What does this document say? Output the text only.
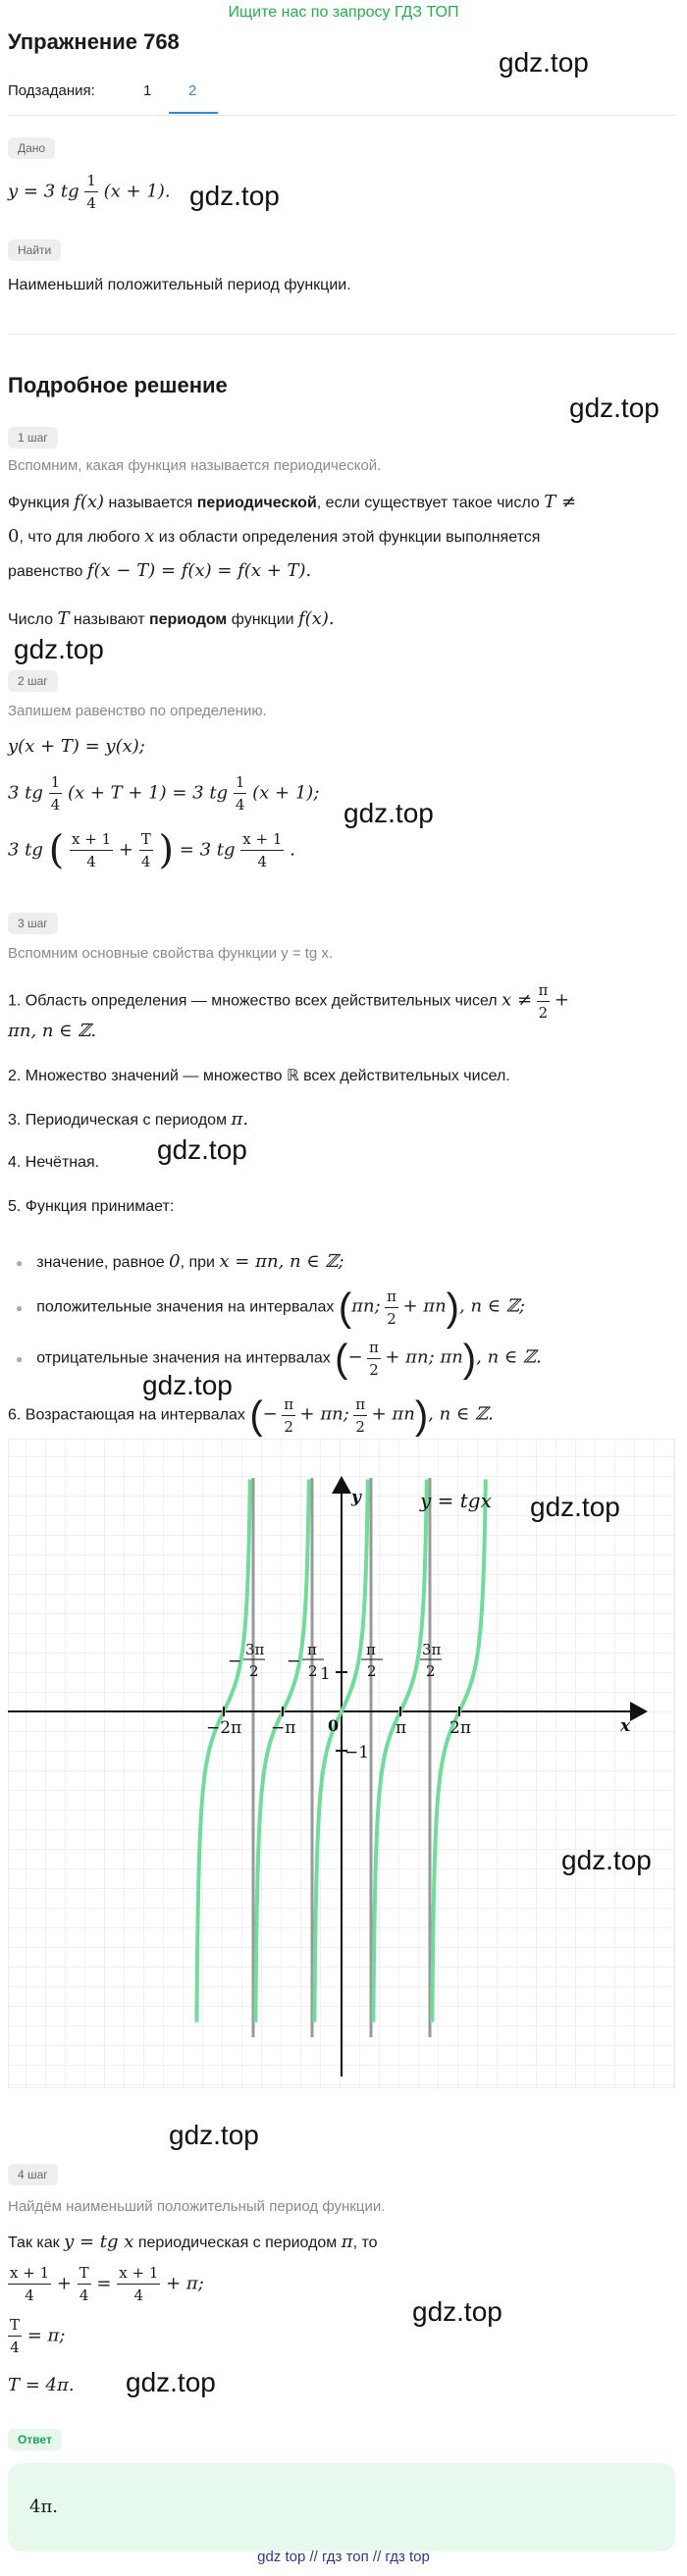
Ищите нас по запросу ГДЗ ТОП
Упражнение 768
gdz.top
Подзадания:	1	2
Дано
y = 3 tg $\frac{1}{4} (x + 1)$. gdz.top
Найти
Наименьший положительный период функции.
Подробное решение
gdz.top
1 шаг
Вспомним, какая функция называется периодической.
Функция f(x) называется периодической, если существует такое число T ≠
0, что для любого x из области определения этой функции выполняется
равенство f(x − T) = f(x) = f(x + T).
Число T называют периодом функции f(x).
gdz.top
2 шаг
Запишем равенство по определению.
y(x + T) = y(x);
3 tg $\frac{1}{4} (x + T + 1) = 3$ tg $\frac{1}{4} (x + 1)$;
gdz.top
3 tg ( $\frac{x + 1}{4} + \frac{T}{4}$ ) = 3 tg $\frac{x + 1}{4}$ .
3 шаг
Вспомним основные свойства функции y = tg x.
1. Область определения — множество всех действительных чисел $x \ne \frac{\pi}{2}$ +
πn, n ∈ ℤ.
2. Множество значений — множество ℝ всех действительных чисел.
3. Периодическая с периодом π.
gdz.top
4. Нечётная.
5. Функция принимает:
● значение, равное 0, при x = πn, n ∈ ℤ;
● положительные значения на интервалах (πn; $\frac{\pi}{2} + \pi n$), n ∈ ℤ;
● отрицательные значения на интервалах (− $\frac{\pi}{2} + \pi n$; πn), n ∈ ℤ.
gdz.top
6. Возрастающая на интервалах (− $\frac{\pi}{2} + \pi n$; $\frac{\pi}{2} + \pi n$), n ∈ ℤ.
y
x
y = tgx
0
1
−1
−2π −π	π	2π
−
3π
2 −
π
2
π
2
3π
2
gdz.top
gdz.top
gdz.top
4 шаг
Найдём наименьший положительный период функции.
Так как y = tg x периодическая с периодом π, то
$\frac{x + 1}{4} + \frac{T}{4} = \frac{x + 1}{4} + \pi$;
gdz.top
$\frac{T}{4} = \pi$;
T = 4π. gdz.top
Ответ
4π.
gdz top // гдз топ // гдз top
